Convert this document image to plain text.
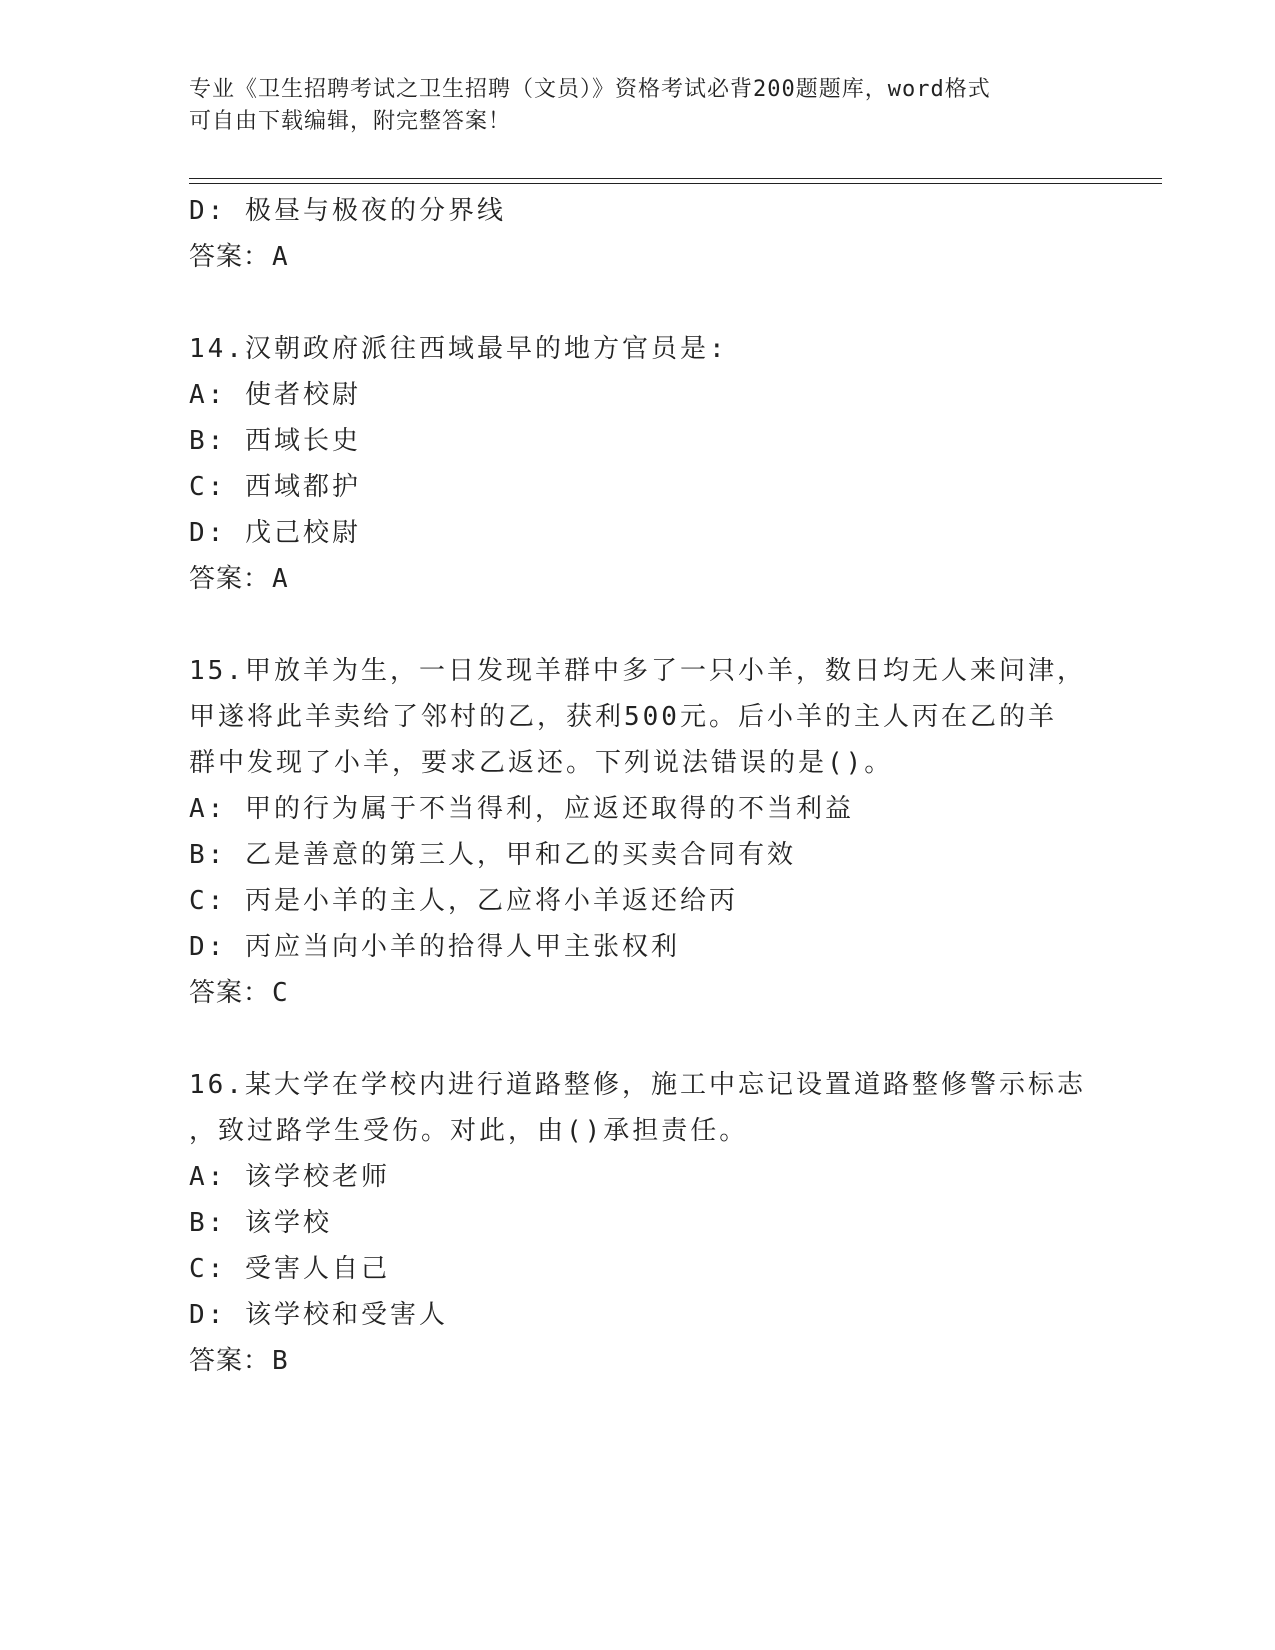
专业《卫生招聘考试之卫生招聘（文员）》资格考试必背200题题库，word格式
可自由下载编辑，附完整答案！
D: 极昼与极夜的分界线
答案：A
14.汉朝政府派往西域最早的地方官员是:
A: 使者校尉
B: 西域长史
C: 西域都护
D: 戊己校尉
答案：A
15.甲放羊为生，一日发现羊群中多了一只小羊，数日均无人来问津，
甲遂将此羊卖给了邻村的乙，获利500元。后小羊的主人丙在乙的羊
群中发现了小羊，要求乙返还。下列说法错误的是()。
A: 甲的行为属于不当得利，应返还取得的不当利益
B: 乙是善意的第三人，甲和乙的买卖合同有效
C: 丙是小羊的主人，乙应将小羊返还给丙
D: 丙应当向小羊的拾得人甲主张权利
答案：C
16.某大学在学校内进行道路整修，施工中忘记设置道路整修警示标志
，致过路学生受伤。对此，由()承担责任。
A: 该学校老师
B: 该学校
C: 受害人自己
D: 该学校和受害人
答案：B
